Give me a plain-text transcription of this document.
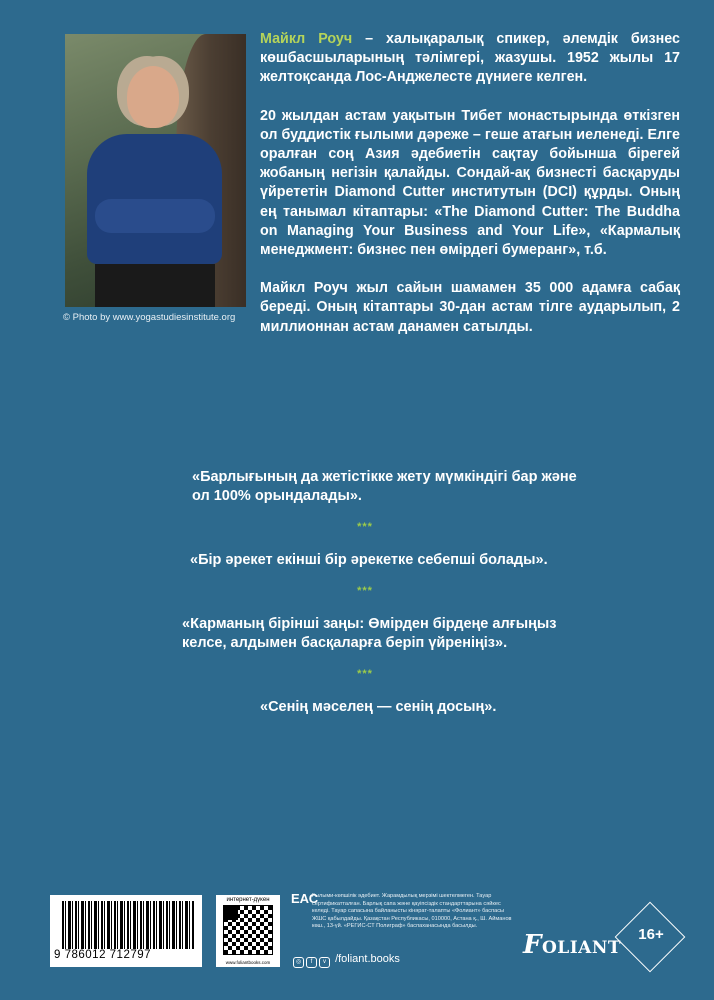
© Photo by www.yogastudiesinstitute.org

Майкл Роуч – халықаралық спикер, әлемдік бизнес көшбасшыларының тәлімгері, жазушы. 1952 жылы 17 желтоқсанда Лос-Анджелесте дүниеге келген.

20 жылдан астам уақытын Тибет монастырында өткізген ол буддистік ғылыми дәреже – геше атағын иеленеді. Елге оралған соң Азия әдебиетін сақтау бойынша бірегей жобаның негізін қалайды. Сондай-ақ бизнесті басқаруды үйрететін Diamond Cutter институтын (DCI) құрды. Оның ең танымал кітаптары: «The Diamond Cutter: The Buddha on Managing Your Business and Your Life», «Кармалық менеджмент: бизнес пен өмірдегі бумеранг», т.б.

Майкл Роуч жыл сайын шамамен 35 000 адамға сабақ береді. Оның кітаптары 30-дан астам тілге аударылып, 2 миллионнан астам данамен сатылды.

«Барлығының да жетістікке жету мүмкіндігі бар және ол 100% орындалады».

***

«Бір әрекет екінші бір әрекетке себепші болады».

***

«Карманың бірінші заңы: Өмірден бірдеңе алғыңыз келсе, алдымен басқаларға беріп үйреніңіз».

***

«Сенің мәселең — сенің досың».

9 786012 712797
интернет-дүкен
www.foliantbooks.com
ЕАС
Ғылыми-көпшілік әдебиет. Жарамдылық мерзімі шектелмеген. Тауар сертификатталған. Барлық сапа және қауіпсіздік стандарттарына сәйкес келеді. Тауар сапасына байланысты кінәрат-талапты «Фолиант» баспасы ЖШС қабылдайды. Қазақстан Республикасы, 010000, Астана қ., Ш. Айманов көш., 13-үй. «РЕГИС-СТ Полиграф» баспаханасында басылды.
◎ f v /foliant.books	FOLIANT
16+
